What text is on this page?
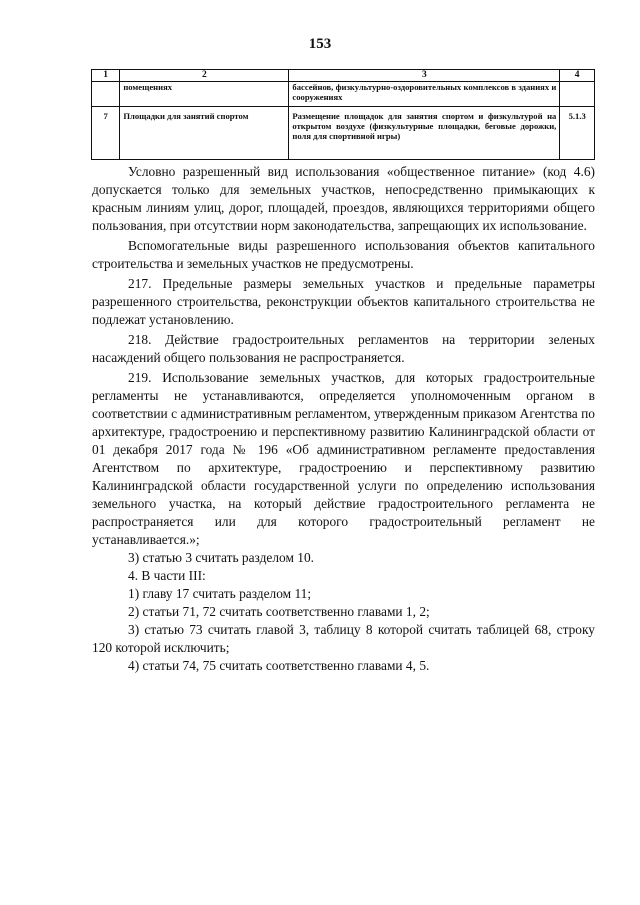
153
1	2	3	4
	помещениях	бассейнов, физкультурно-оздоровительных комплексов в зданиях и сооружениях	
7	Площадки для занятий спортом	Размещение площадок для занятия спортом и физкультурой на открытом воздухе (физкультурные площадки, беговые дорожки, поля для спортивной игры)	5.1.3

Условно разрешенный вид использования «общественное питание» (код 4.6) допускается только для земельных участков, непосредственно примыкающих к красным линиям улиц, дорог, площадей, проездов, являющихся территориями общего пользования, при отсутствии норм законодательства, запрещающих их использование.

Вспомогательные виды разрешенного использования объектов капитального строительства и земельных участков не предусмотрены.

217. Предельные размеры земельных участков и предельные параметры разрешенного строительства, реконструкции объектов капитального строительства не подлежат установлению.

218. Действие градостроительных регламентов на территории зеленых насаждений общего пользования не распространяется.

219. Использование земельных участков, для которых градостроительные регламенты не устанавливаются, определяется уполномоченным органом в соответствии с административным регламентом, утвержденным приказом Агентства по архитектуре, градостроению и перспективному развитию Калининградской области от 01 декабря 2017 года № 196 «Об административном регламенте предоставления Агентством по архитектуре, градостроению и перспективному развитию Калининградской области государственной услуги по определению использования земельного участка, на который действие градостроительного регламента не распространяется или для которого градостроительный регламент не устанавливается.»;

3) статью 3 считать разделом 10.

4. В части III:

1) главу 17 считать разделом 11;

2) статьи 71, 72 считать соответственно главами 1, 2;

3) статью 73 считать главой 3, таблицу 8 которой считать таблицей 68, строку 120 которой исключить;

4) статьи 74, 75 считать соответственно главами 4, 5.
